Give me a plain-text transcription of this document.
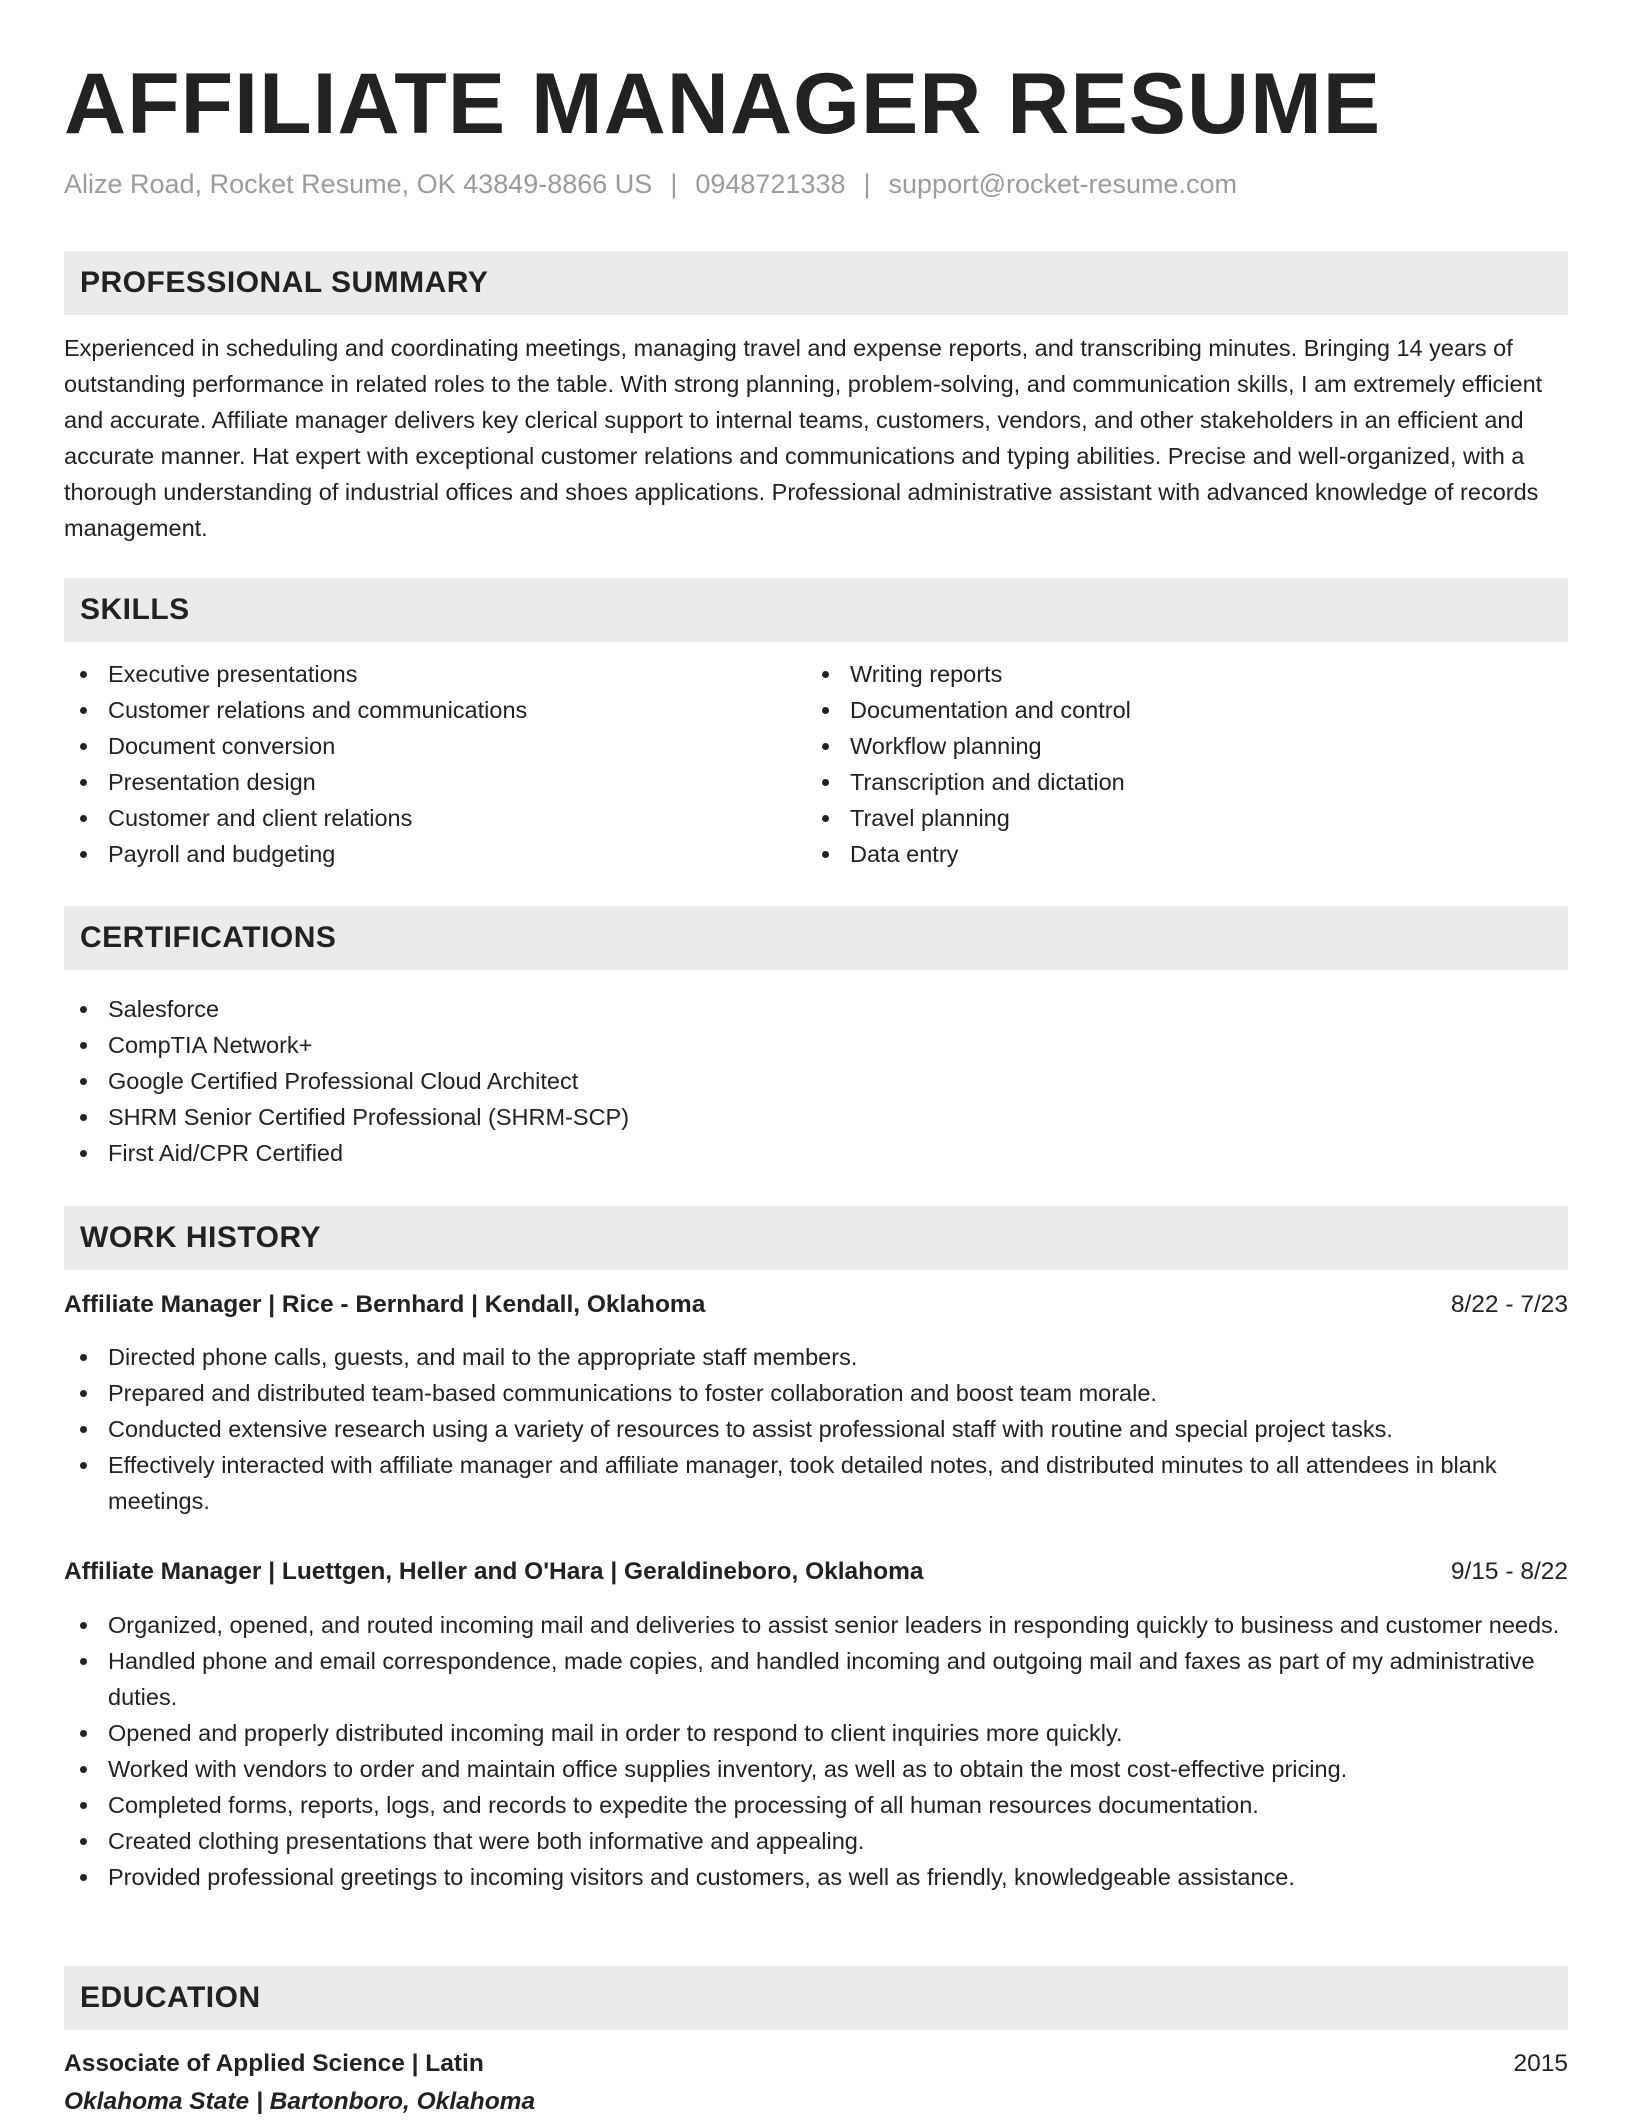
AFFILIATE MANAGER RESUME
Alize Road, Rocket Resume, OK 43849-8866 US | 0948721338 | support@rocket-resume.com
PROFESSIONAL SUMMARY
Experienced in scheduling and coordinating meetings, managing travel and expense reports, and transcribing minutes. Bringing 14 years of outstanding performance in related roles to the table. With strong planning, problem-solving, and communication skills, I am extremely efficient and accurate. Affiliate manager delivers key clerical support to internal teams, customers, vendors, and other stakeholders in an efficient and accurate manner. Hat expert with exceptional customer relations and communications and typing abilities. Precise and well-organized, with a thorough understanding of industrial offices and shoes applications. Professional administrative assistant with advanced knowledge of records management.
SKILLS
Executive presentations
Customer relations and communications
Document conversion
Presentation design
Customer and client relations
Payroll and budgeting
Writing reports
Documentation and control
Workflow planning
Transcription and dictation
Travel planning
Data entry
CERTIFICATIONS
Salesforce
CompTIA Network+
Google Certified Professional Cloud Architect
SHRM Senior Certified Professional (SHRM-SCP)
First Aid/CPR Certified
WORK HISTORY
Affiliate Manager | Rice - Bernhard | Kendall, Oklahoma	8/22 - 7/23
Directed phone calls, guests, and mail to the appropriate staff members.
Prepared and distributed team-based communications to foster collaboration and boost team morale.
Conducted extensive research using a variety of resources to assist professional staff with routine and special project tasks.
Effectively interacted with affiliate manager and affiliate manager, took detailed notes, and distributed minutes to all attendees in blank meetings.
Affiliate Manager | Luettgen, Heller and O'Hara | Geraldineboro, Oklahoma	9/15 - 8/22
Organized, opened, and routed incoming mail and deliveries to assist senior leaders in responding quickly to business and customer needs.
Handled phone and email correspondence, made copies, and handled incoming and outgoing mail and faxes as part of my administrative duties.
Opened and properly distributed incoming mail in order to respond to client inquiries more quickly.
Worked with vendors to order and maintain office supplies inventory, as well as to obtain the most cost-effective pricing.
Completed forms, reports, logs, and records to expedite the processing of all human resources documentation.
Created clothing presentations that were both informative and appealing.
Provided professional greetings to incoming visitors and customers, as well as friendly, knowledgeable assistance.
EDUCATION
Associate of Applied Science | Latin	2015
Oklahoma State | Bartonboro, Oklahoma
